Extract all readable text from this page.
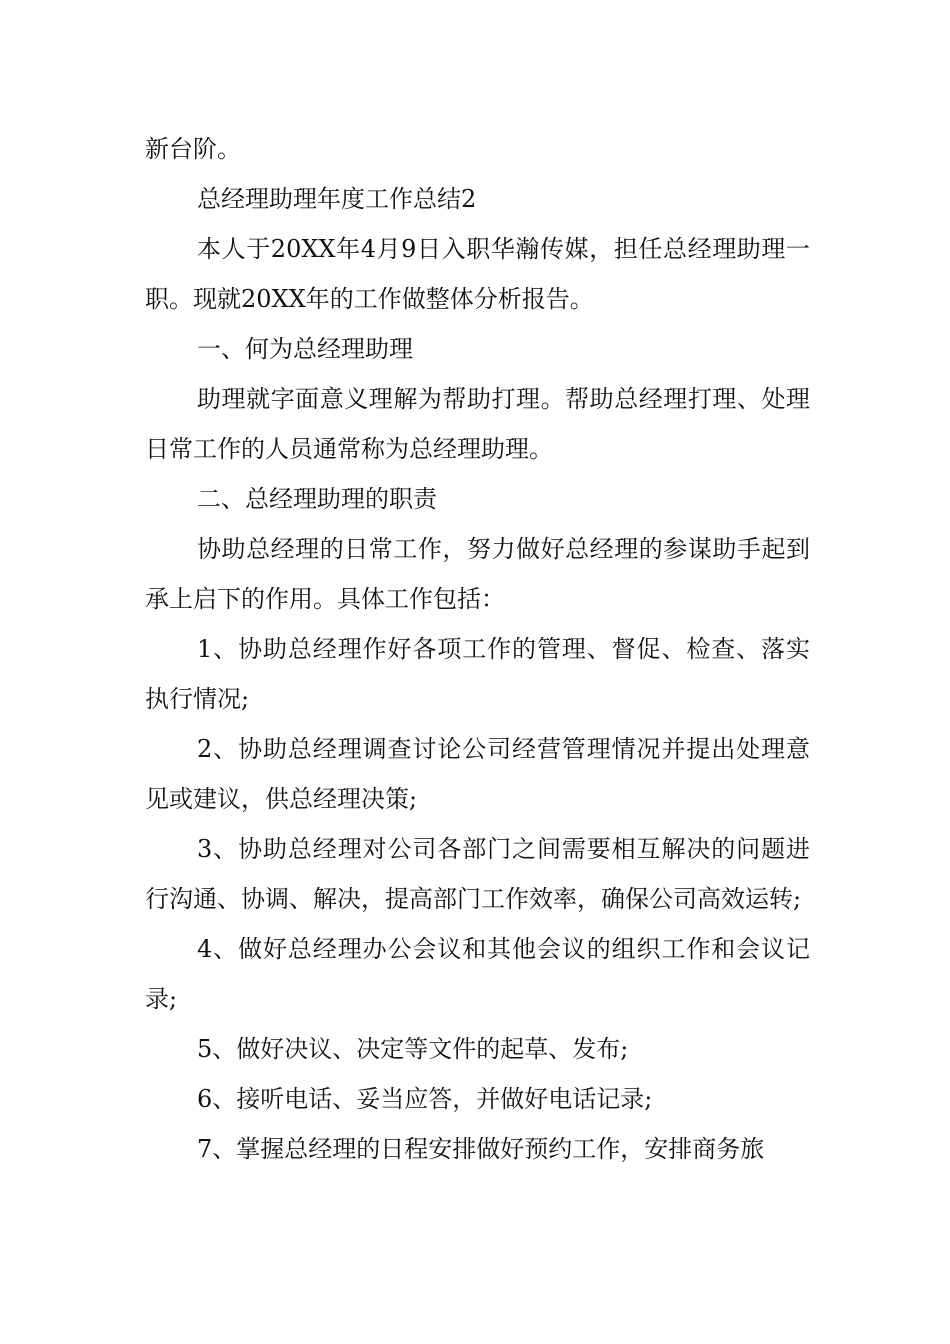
新台阶。

总经理助理年度工作总结2

本人于20XX年4月9日入职华瀚传媒，担任总经理助理一职。现就20XX年的工作做整体分析报告。

一、何为总经理助理

助理就字面意义理解为帮助打理。帮助总经理打理、处理日常工作的人员通常称为总经理助理。

二、总经理助理的职责

协助总经理的日常工作，努力做好总经理的参谋助手起到承上启下的作用。具体工作包括：

1、协助总经理作好各项工作的管理、督促、检查、落实执行情况;

2、协助总经理调查讨论公司经营管理情况并提出处理意见或建议，供总经理决策;

3、协助总经理对公司各部门之间需要相互解决的问题进行沟通、协调、解决，提高部门工作效率，确保公司高效运转;

4、做好总经理办公会议和其他会议的组织工作和会议记录;

5、做好决议、决定等文件的起草、发布;

6、接听电话、妥当应答，并做好电话记录;

7、掌握总经理的日程安排做好预约工作，安排商务旅
